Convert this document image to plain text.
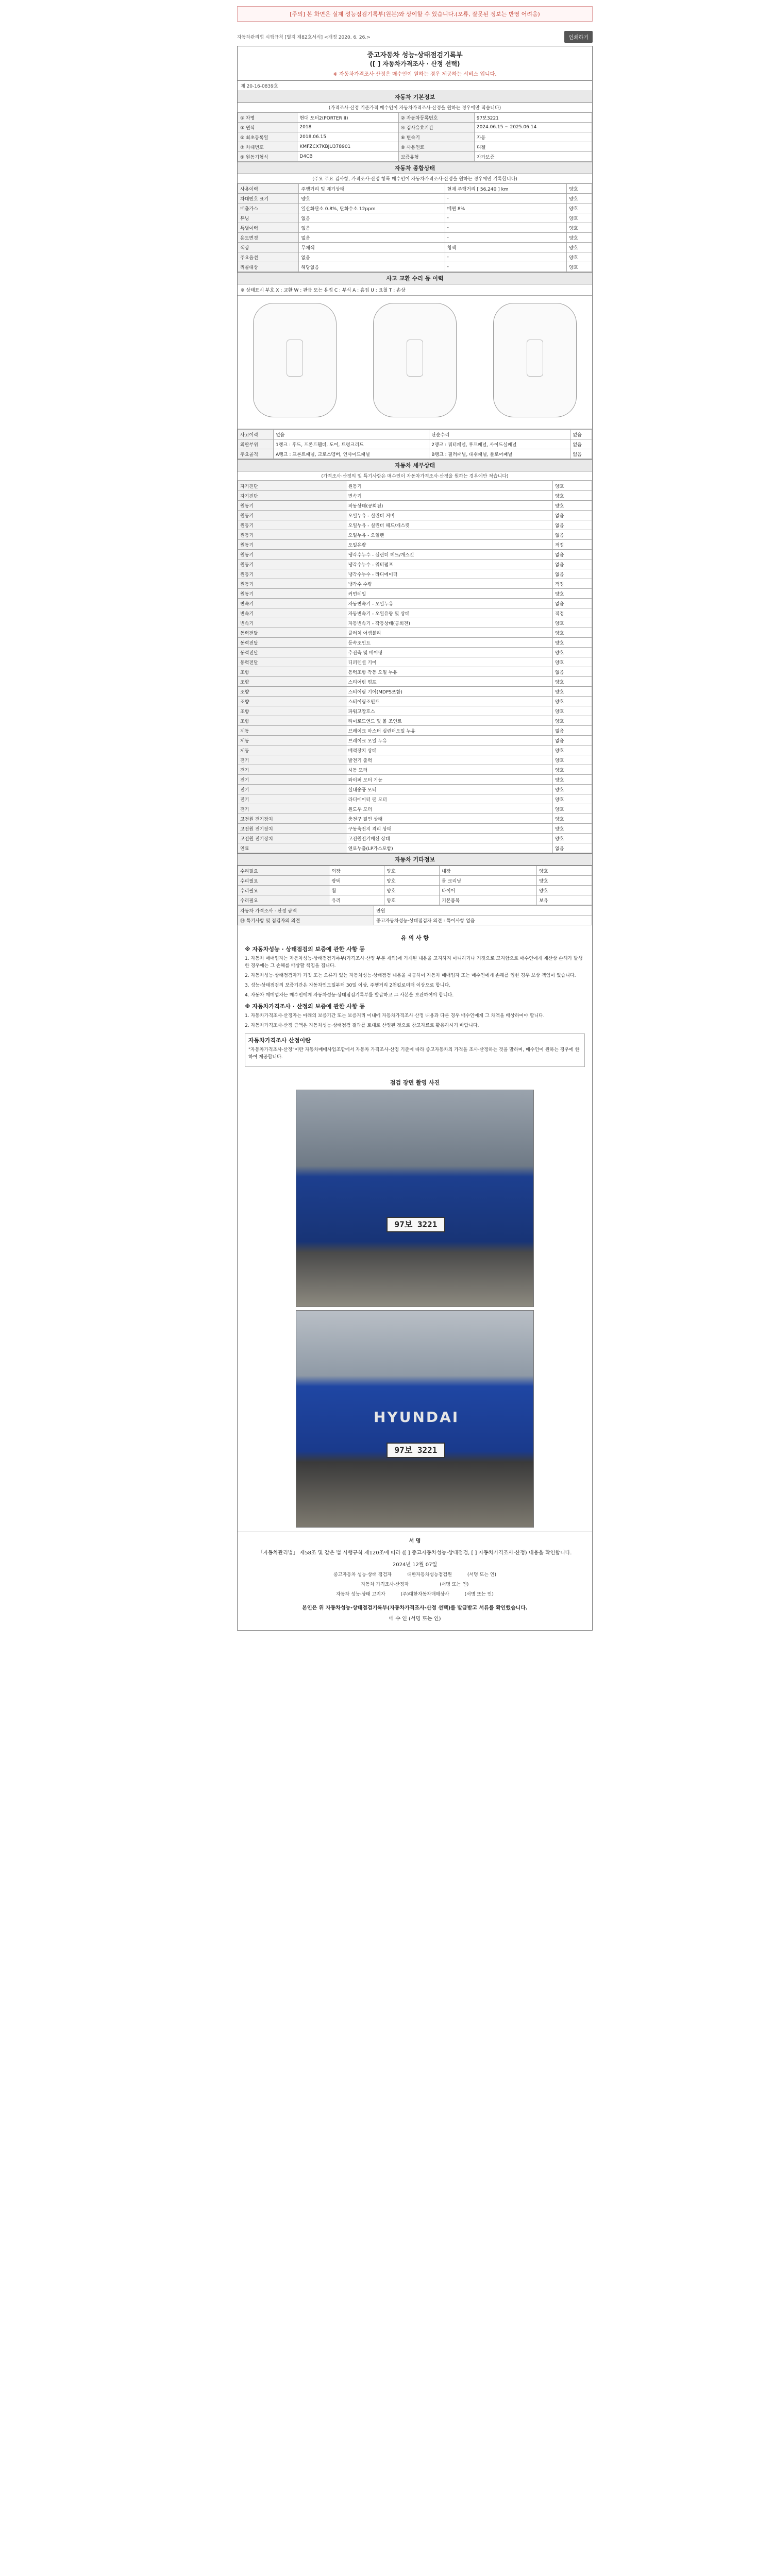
[주의] 본 화면은 실제 성능점검기록부(원본)와 상이할 수 있습니다.(오류, 잘못된 정보는 반영 어려움)
자동차관리법 시행규칙 [별지 제82호서식] <개정 2020. 6. 26.>	인쇄하기
중고자동차 성능·상태점검기록부
([ ] 자동차가격조사 · 산정 선택)
※ 자동차가격조사·산정은 매수인이 원하는 경우 제공하는 서비스 입니다.
제 20-16-0839호
자동차 기본정보
(가격조사·산정 기준가격 매수인이 자동차가격조사·산정을 원하는 경우에만 적습니다)
① 차명	현대 포터2(PORTER II)	② 자동차등록번호	97보3221
③ 연식	2018	④ 검사유효기간	2024.06.15 ~ 2025.06.14
⑤ 최초등록일	2018.06.15	⑥ 변속기	자동
⑦ 차대번호	KMFZCX7KBJU378901	⑧ 사용연료	디젤
⑨ 원동기형식	D4CB	보증유형	자가보증
자동차 종합상태
(주요 주요 검사항, 가격조사·산정 항목 매수인이 자동차가격조사·산정을 원하는 경우에만 기록합니다)
사용이력	주행거리 및 계기상태	현재 주행거리 [ 56,240 ] km	양호
차대번호 표기	양호	-	양호
배출가스	일산화탄소 0.8%, 탄화수소 12ppm	매연 8%	양호
튜닝	없음	-	양호
특별이력	없음	-	양호
용도변경	없음	-	양호
색상	무채색	청색	양호
주요옵션	없음	-	양호
리콜대상	해당없음	-	양호
사고 교환 수리 등 이력
※ 상태표시 부호 X : 교환 W : 판금 또는 용접 C : 부식 A : 흠집 U : 요철 T : 손상
사고이력	없음	단순수리	없음
외판부위	1랭크 : 후드, 프론트휀더, 도어, 트렁크리드	2랭크 : 쿼터패널, 루프패널, 사이드실패널	없음
주요골격	A랭크 : 프론트패널, 크로스멤버, 인사이드패널	B랭크 : 필러패널, 대쉬패널, 플로어패널	없음
자동차 세부상태
(가격조사·산정의 및 특기사항은 매수인이 자동차가격조사·산정을 원하는 경우에만 적습니다)
자기진단	원동기	양호
자기진단	변속기	양호
원동기	작동상태(공회전)	양호
원동기	오일누유 - 실린더 커버	없음
원동기	오일누유 - 실린더 헤드/개스킷	없음
원동기	오일누유 - 오일팬	없음
원동기	오일유량	적정
원동기	냉각수누수 - 실린더 헤드/개스킷	없음
원동기	냉각수누수 - 워터펌프	없음
원동기	냉각수누수 - 라디에이터	없음
원동기	냉각수 수량	적정
원동기	커먼레일	양호
변속기	자동변속기 - 오일누유	없음
변속기	자동변속기 - 오일유량 및 상태	적정
변속기	자동변속기 - 작동상태(공회전)	양호
동력전달	클러치 어셈블리	양호
동력전달	등속조인트	양호
동력전달	추진축 및 베어링	양호
동력전달	디퍼렌셜 기어	양호
조향	동력조향 작동 오일 누유	없음
조향	스티어링 펌프	양호
조향	스티어링 기어(MDPS포함)	양호
조향	스티어링조인트	양호
조향	파워고압호스	양호
조향	타이로드엔드 및 볼 조인트	양호
제동	브레이크 마스터 실린더오일 누유	없음
제동	브레이크 오일 누유	없음
제동	배력장치 상태	양호
전기	발전기 출력	양호
전기	시동 모터	양호
전기	와이퍼 모터 기능	양호
전기	실내송풍 모터	양호
전기	라디에이터 팬 모터	양호
전기	윈도우 모터	양호
고전원 전기장치	충전구 절연 상태	양호
고전원 전기장치	구동축전지 격리 상태	양호
고전원 전기장치	고전원전기배선 상태	양호
연료	연료누출(LP가스포함)	없음
자동차 기타정보
수리필요	외장	양호	내장	양호
수리필요	광택	양호	룸 크리닝	양호
수리필요	휠	양호	타이어	양호
수리필요	유리	양호	기본품목	보유
자동차 가격조사 · 산정 금액	만원
⑭ 특기사항 및 점검자의 의견	중고자동차성능·상태점검자 의견 : 특이사항 없음
유 의 사 항
※ 자동차성능 · 상태점검의 보증에 관한 사항 등

1. 자동차 매매업자는 자동차성능·상태점검기록부(가격조사·산정 부분 제외)에 기재된 내용을 고지하지 아니하거나 거짓으로 고지함으로 매수인에게 재산상 손해가 발생한 경우에는 그 손해를 배상할 책임을 집니다.

2. 자동차성능·상태점검자가 거짓 또는 오류가 있는 자동차성능·상태점검 내용을 제공하여 자동차 매매업자 또는 매수인에게 손해를 입힌 경우 보상 책임이 있습니다.

3. 성능·상태점검의 보증기간은 자동차인도일부터 30일 이상, 주행거리 2천킬로미터 이상으로 합니다.

4. 자동차 매매업자는 매수인에게 자동차성능·상태점검기록부를 발급하고 그 사본을 보관하여야 합니다.

※ 자동차가격조사 · 산정의 보증에 관한 사항 등

1. 자동차가격조사·산정자는 아래의 보증기간 또는 보증거리 이내에 자동차가격조사·산정 내용과 다른 경우 매수인에게 그 차액을 배상하여야 합니다.

2. 자동차가격조사·산정 금액은 자동차성능·상태점검 결과를 토대로 산정된 것으로 참고자료로 활용하시기 바랍니다.

자동차가격조사 산정이란

"자동차가격조사·산정"이란 자동차매매사업조합에서 자동차 가격조사·산정 기준에 따라 중고자동차의 가격을 조사·산정하는 것을 말하며, 매수인이 원하는 경우에 한하여 제공합니다.

점검 장면 촬영 사진
97보 3221
HYUNDAI
97보 3221
서 명
「자동차관리법」 제58조 및 같은 법 시행규칙 제120조에 따라 ([ ] 중고자동차성능·상태점검, [ ] 자동차가격조사·산정) 내용을 확인합니다.
2024년 12월 07일
중고자동차 성능·상태 점검자	대한자동차성능점검원	(서명 또는 인)
자동차 가격조사·산정자	(서명 또는 인)
자동차 성능·상태 고지자	(주)대한자동차매매상사	(서명 또는 인)
본인은 위 자동차성능·상태점검기록부(자동차가격조사·산정 선택)를 발급받고 서류를 확인했습니다.
매 수 인 (서명 또는 인)
